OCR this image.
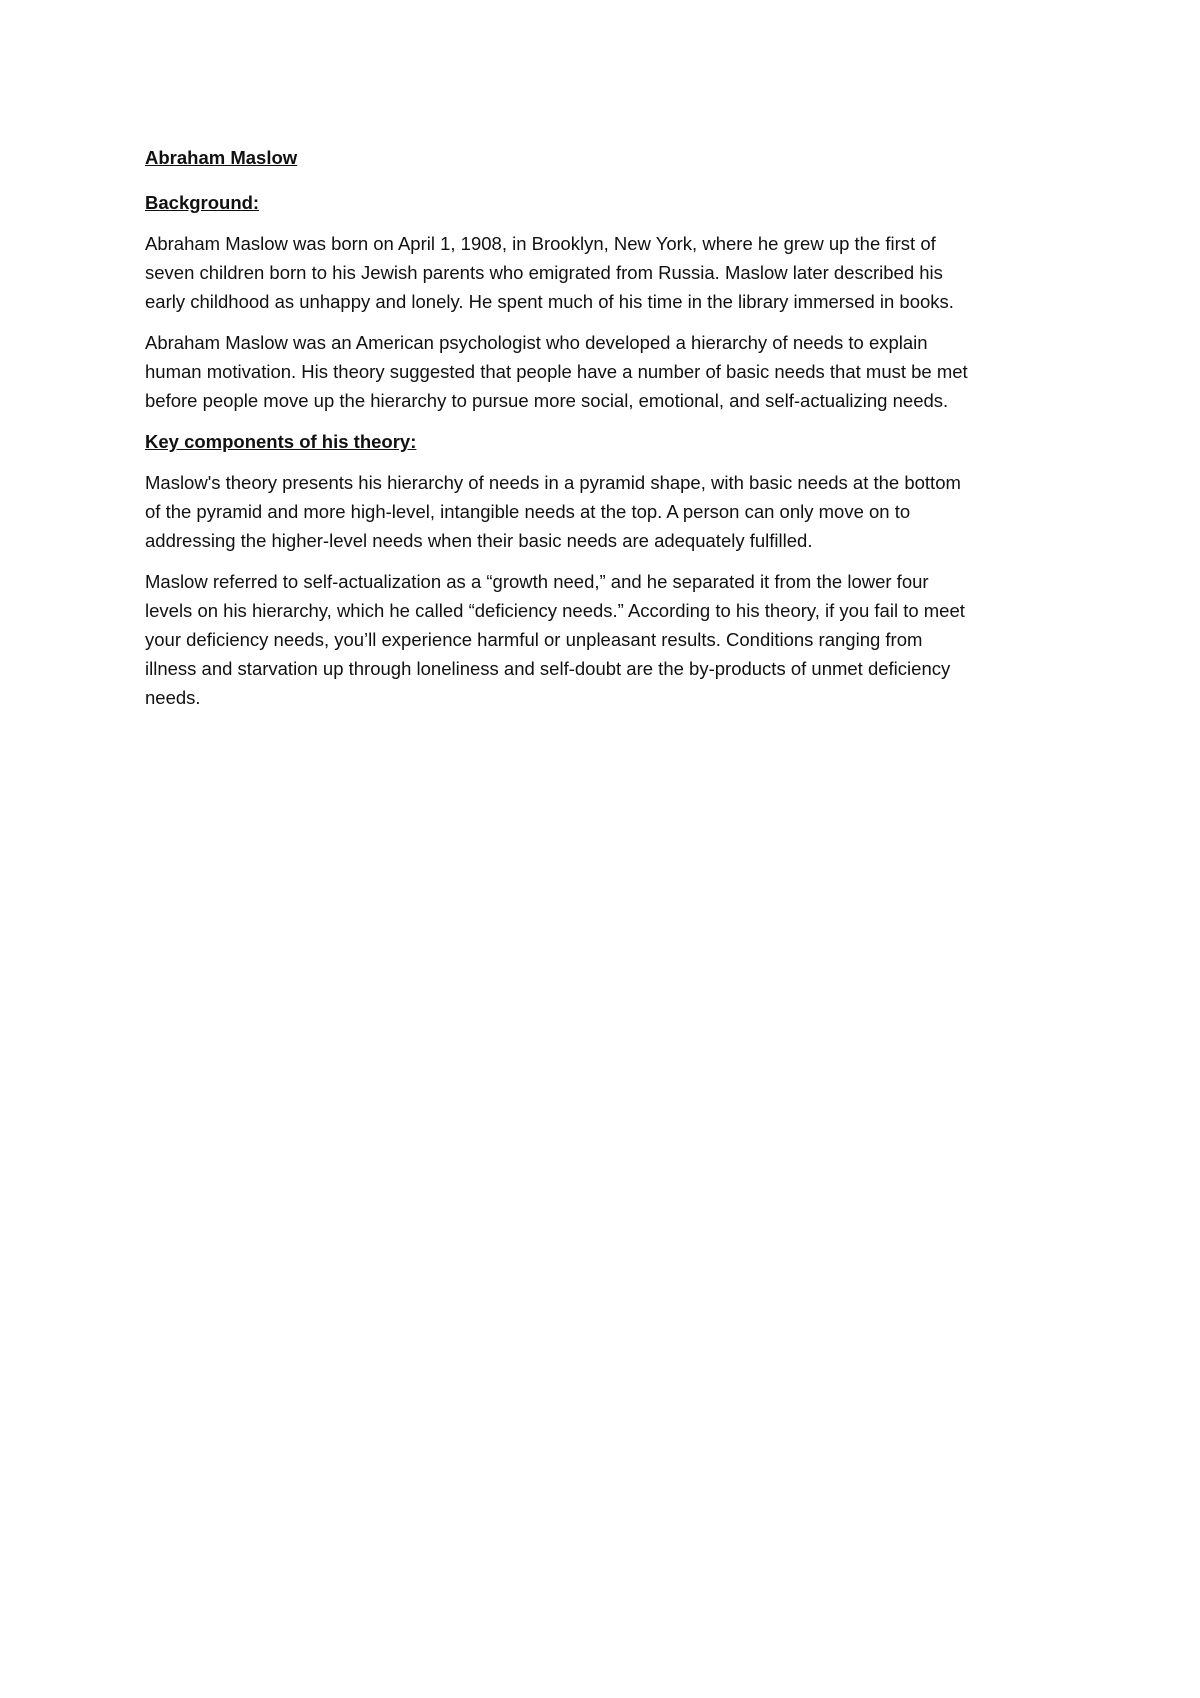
Abraham Maslow
Background:

Abraham Maslow was born on April 1, 1908, in Brooklyn, New York, where he grew up the first of
seven children born to his Jewish parents who emigrated from Russia. Maslow later described his
early childhood as unhappy and lonely. He spent much of his time in the library immersed in books.

Abraham Maslow was an American psychologist who developed a hierarchy of needs to explain
human motivation. His theory suggested that people have a number of basic needs that must be met
before people move up the hierarchy to pursue more social, emotional, and self-actualizing needs.

Key components of his theory:

Maslow's theory presents his hierarchy of needs in a pyramid shape, with basic needs at the bottom
of the pyramid and more high-level, intangible needs at the top. A person can only move on to
addressing the higher-level needs when their basic needs are adequately fulfilled.

Maslow referred to self-actualization as a “growth need,” and he separated it from the lower four
levels on his hierarchy, which he called “deficiency needs.” According to his theory, if you fail to meet
your deficiency needs, you’ll experience harmful or unpleasant results. Conditions ranging from
illness and starvation up through loneliness and self-doubt are the by-products of unmet deficiency
needs.
